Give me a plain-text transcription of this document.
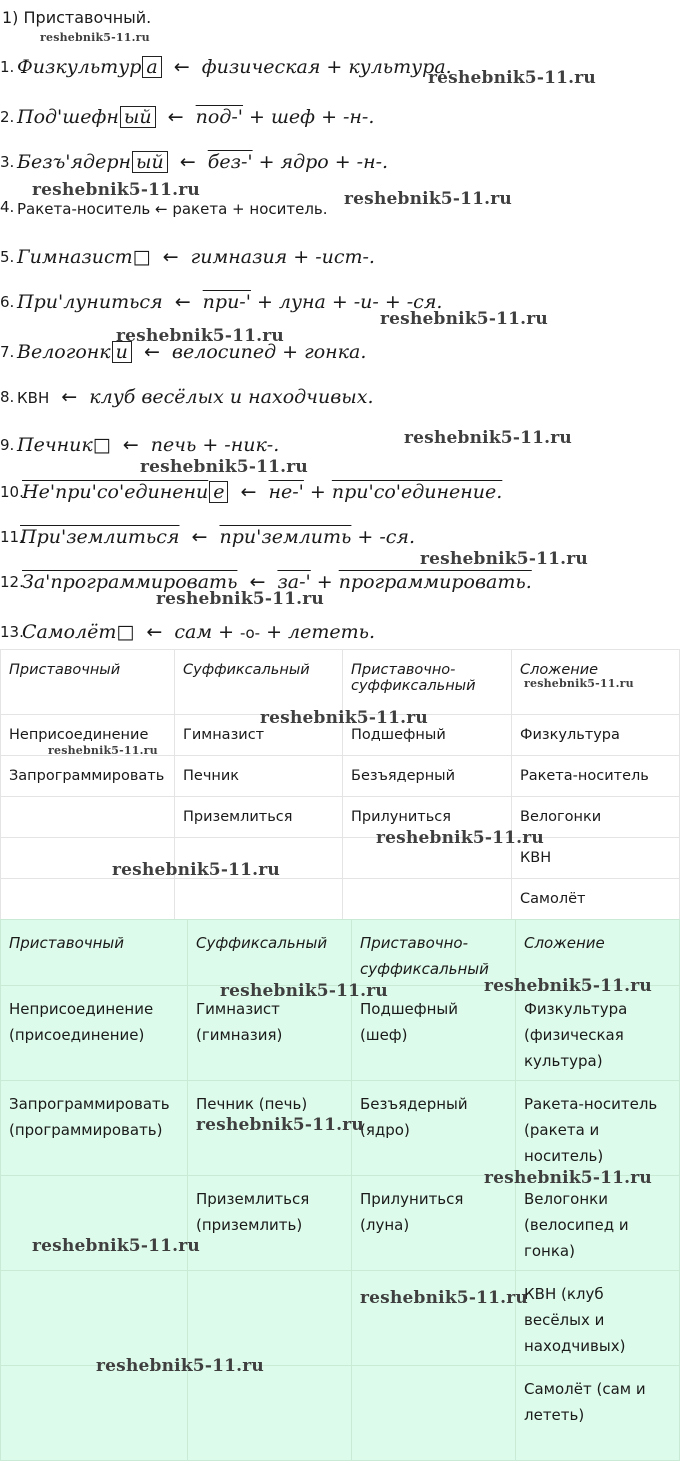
1) Приставочный.
1. Физкультур а ← физическая + культура.
2. Под'шефн ый ← под-' + шеф + -н-.
3. Безъ'ядерн ый ← без-' + ядро + -н-.
4. Ракета-носитель ← ракета + носитель.
5. Гимназист□ ← гимназия + -ист-.
6. При'луниться ← при-' + луна + -и- + -ся.
7. Велогонк и ← велосипед + гонка.
8. КВН ← клуб весёлых и находчивых.
9. Печник□ ← печь + -ник-.
10.
Не'при'со'единени е ← не-' + при'со'единение.
11.
При'землиться ← при'землить + -ся.
12.
За'программировать ← за-' + программировать.
13.
Самолёт□ ← сам + -о- + лететь.
Приставочный	Суффиксальный	Приставочно-суффиксальный	Сложение
Неприсоединение	Гимназист	Подшефный	Физкультура
Запрограммировать	Печник	Безъядерный	Ракета-носитель
	Приземлиться	Прилуниться	Велогонки
			КВН
			Самолёт
Приставочный	Суффиксальный	Приставочно-суффиксальный	Сложение
Неприсоединение (присоединение)	Гимназист (гимназия)	Подшефный (шеф)	Физкультура (физическая культура)
Запрограммировать (программировать)	Печник (печь)	Безъядерный (ядро)	Ракета-носитель (ракета и носитель)
	Приземлиться (приземлить)	Прилуниться (луна)	Велогонки (велосипед и гонка)
			КВН (клуб весёлых и находчивых)
			Самолёт (сам и лететь)
reshebnik5-11.ru
reshebnik5-11.ru
reshebnik5-11.ru	reshebnik5-11.ru
reshebnik5-11.ru
reshebnik5-11.ru
reshebnik5-11.ru
reshebnik5-11.ru
reshebnik5-11.ru
reshebnik5-11.ru
reshebnik5-11.ru
reshebnik5-11.ru
reshebnik5-11.ru
reshebnik5-11.ru
reshebnik5-11.ru
reshebnik5-11.ru
reshebnik5-11.ru
reshebnik5-11.ru
reshebnik5-11.ru
reshebnik5-11.ru
reshebnik5-11.ru
reshebnik5-11.ru
